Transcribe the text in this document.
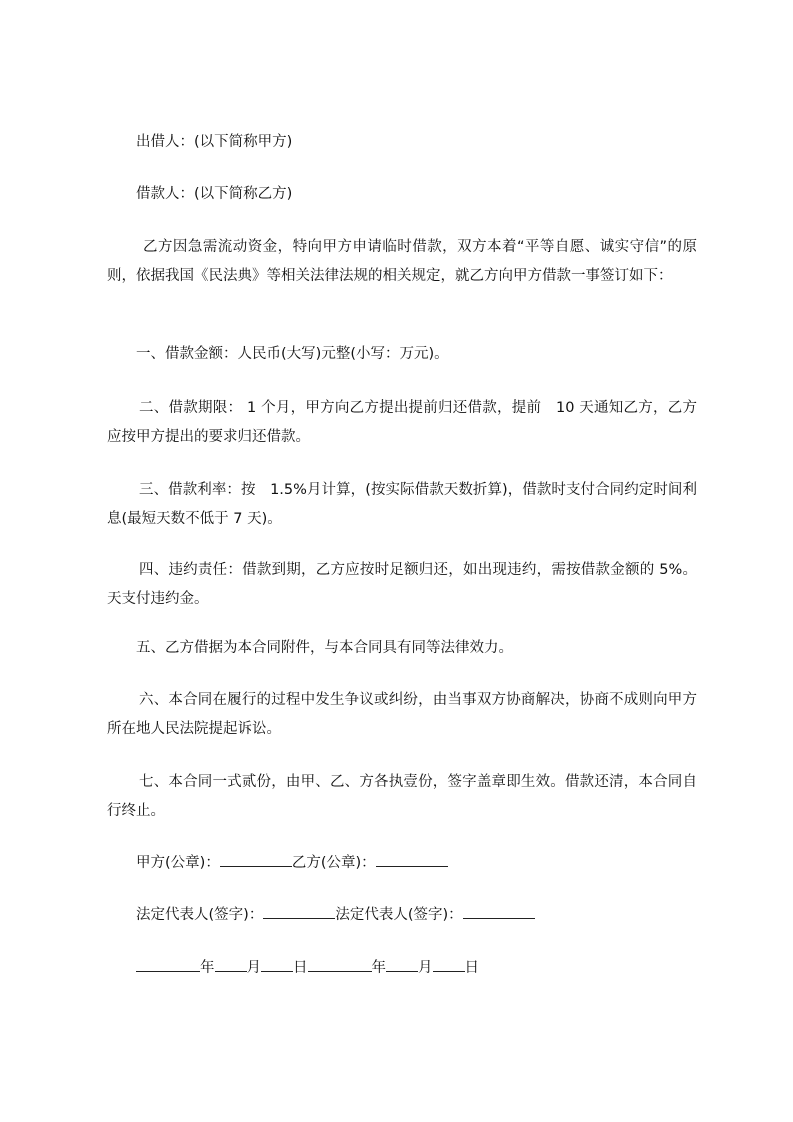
出借人：(以下简称甲方)
借款人：(以下简称乙方)
乙方因急需流动资金，特向甲方申请临时借款，双方本着“平等自愿、诚实守信”的原则，依据我国《民法典》等相关法律法规的相关规定，就乙方向甲方借款一事签订如下：
一、借款金额：人民币(大写)元整(小写：万元)。
二、借款期限： 1 个月，甲方向乙方提出提前归还借款，提前　10 天通知乙方，乙方应按甲方提出的要求归还借款。
三、借款利率：按　1.5%月计算，(按实际借款天数折算)，借款时支付合同约定时间利息(最短天数不低于 7 天)。
四、违约责任：借款到期，乙方应按时足额归还，如出现违约，需按借款金额的 5%。天支付违约金。
五、乙方借据为本合同附件，与本合同具有同等法律效力。
六、本合同在履行的过程中发生争议或纠纷，由当事双方协商解决，协商不成则向甲方所在地人民法院提起诉讼。
七、本合同一式贰份，由甲、乙、方各执壹份，签字盖章即生效。借款还清，本合同自行终止。
甲方(公章)：	乙方(公章)：
法定代表人(签字)：	法定代表人(签字)：
年 月 日	年 月 日
